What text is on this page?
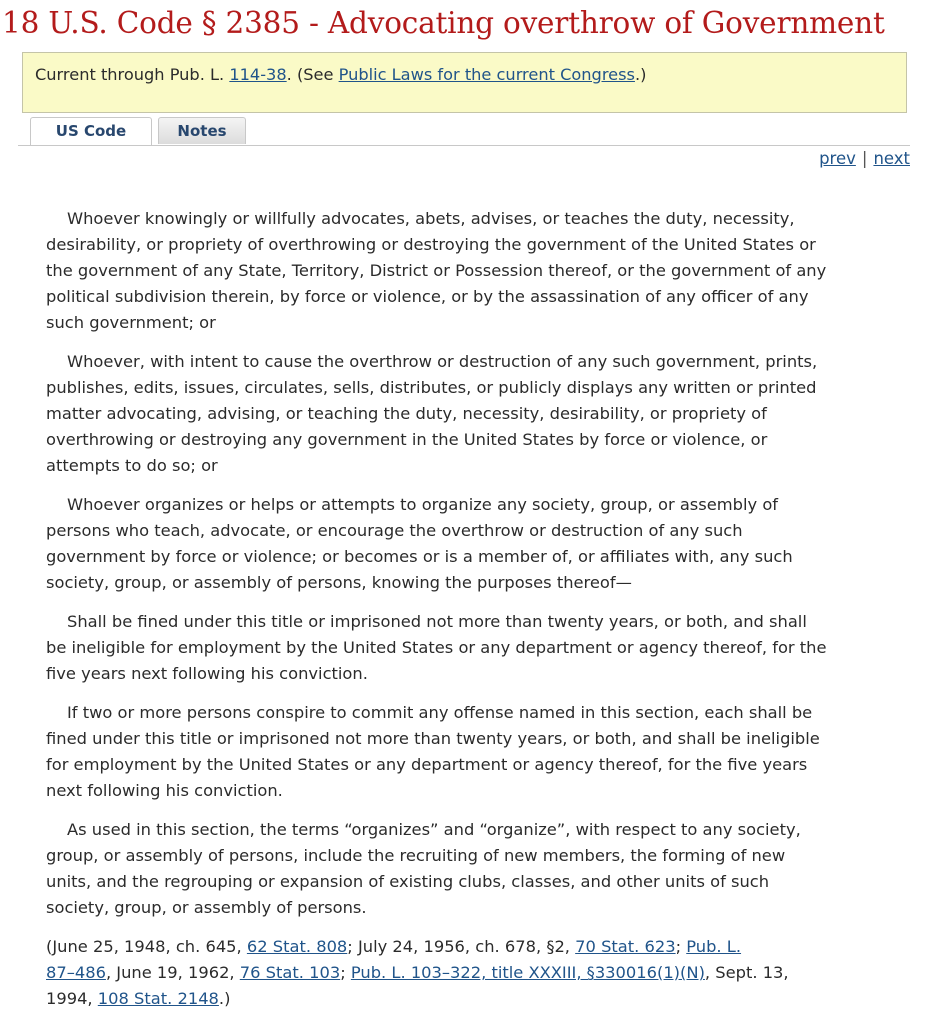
18 U.S. Code § 2385 - Advocating overthrow of Government
Current through Pub. L. 114-38. (See Public Laws for the current Congress.)
US Code	Notes
prev | next

Whoever knowingly or willfully advocates, abets, advises, or teaches the duty, necessity,

desirability, or propriety of overthrowing or destroying the government of the United States or

the government of any State, Territory, District or Possession thereof, or the government of any

political subdivision therein, by force or violence, or by the assassination of any officer of any

such government; or

Whoever, with intent to cause the overthrow or destruction of any such government, prints,

publishes, edits, issues, circulates, sells, distributes, or publicly displays any written or printed

matter advocating, advising, or teaching the duty, necessity, desirability, or propriety of

overthrowing or destroying any government in the United States by force or violence, or

attempts to do so; or

Whoever organizes or helps or attempts to organize any society, group, or assembly of

persons who teach, advocate, or encourage the overthrow or destruction of any such

government by force or violence; or becomes or is a member of, or affiliates with, any such

society, group, or assembly of persons, knowing the purposes thereof—

Shall be fined under this title or imprisoned not more than twenty years, or both, and shall

be ineligible for employment by the United States or any department or agency thereof, for the

five years next following his conviction.

If two or more persons conspire to commit any offense named in this section, each shall be

fined under this title or imprisoned not more than twenty years, or both, and shall be ineligible

for employment by the United States or any department or agency thereof, for the five years

next following his conviction.

As used in this section, the terms “organizes” and “organize”, with respect to any society,

group, or assembly of persons, include the recruiting of new members, the forming of new

units, and the regrouping or expansion of existing clubs, classes, and other units of such

society, group, or assembly of persons.

(June 25, 1948, ch. 645, 62 Stat. 808; July 24, 1956, ch. 678, §2, 70 Stat. 623; Pub. L.

87–486, June 19, 1962, 76 Stat. 103; Pub. L. 103–322, title XXXIII, §330016(1)(N), Sept. 13,

1994, 108 Stat. 2148.)
